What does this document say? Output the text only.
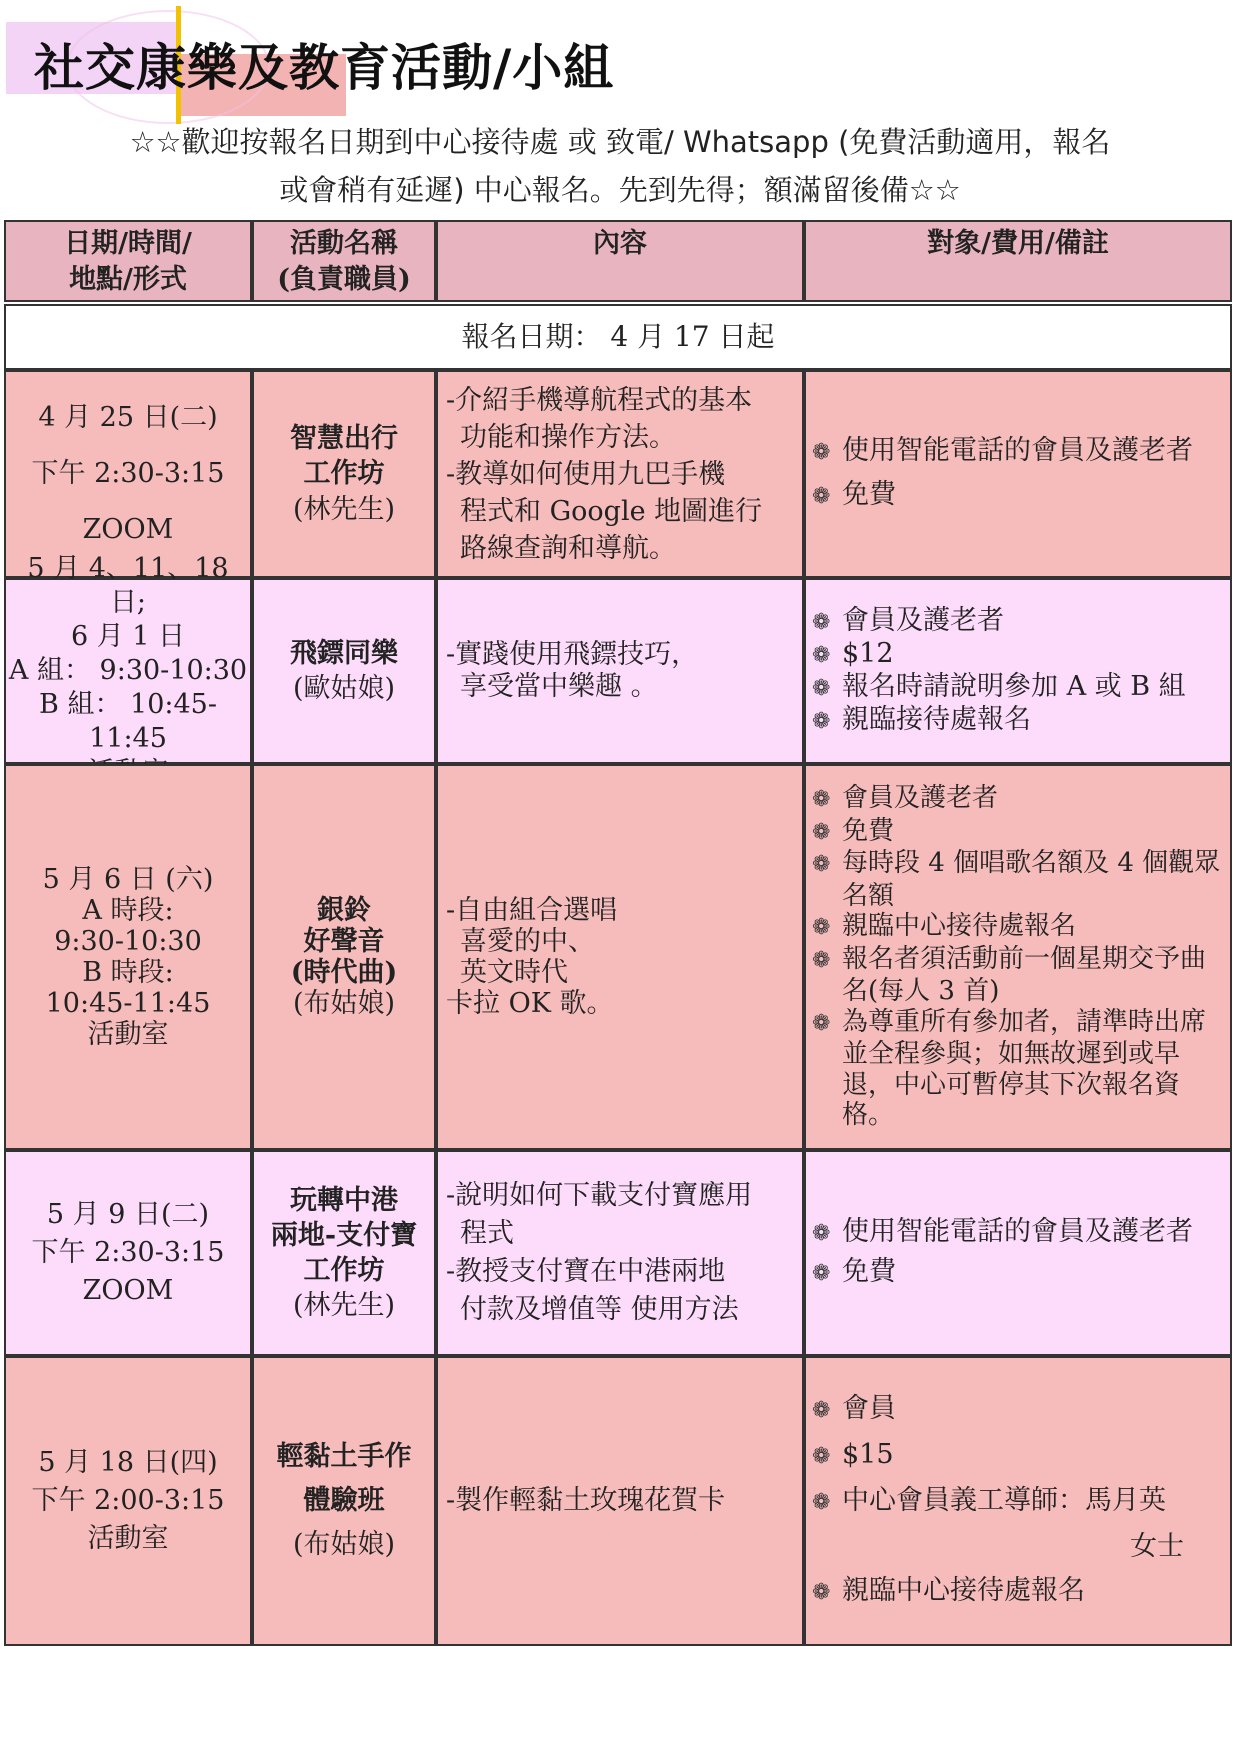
社交康樂及教育活動/小組
☆☆歡迎按報名日期到中心接待處 或 致電/ Whatsapp (免費活動適用，報名
或會稍有延遲) 中心報名。先到先得；額滿留後備☆☆
日期/時間/
地點/形式
活動名稱
(負責職員)
內容	對象/費用/備註
報名日期： 4 月 17 日起
4 月 25 日(二)
下午 2:30-3:15
ZOOM
智慧出行
工作坊
(林先生)
-介紹手機導航程式的基本
功能和操作方法。
-教導如何使用九巴手機
程式和 Google 地圖進行
路線查詢和導航。
❁ 使用智能電話的會員及護老者
❁ 免費
5 月 4、11、18 日;
6 月 1 日
A 組： 9:30-10:30
B 組： 10:45-11:45
飛鏢同樂
(歐姑娘)
-實踐使用飛鏢技巧，
享受當中樂趣 。
❁ 會員及護老者
❁ $12
❁ 報名時請說明參加 A 或 B 組
❁ 親臨接待處報名
5 月 6 日 (六)
A 時段:
9:30-10:30
B 時段:
10:45-11:45
活動室
銀鈴
好聲音
(時代曲)
(布姑娘)
-自由組合選唱
喜愛的中、
英文時代
卡拉 OK 歌。
❁ 會員及護老者
❁ 免費
❁ 每時段 4 個唱歌名額及 4 個觀眾名額
❁ 親臨中心接待處報名
❁ 報名者須活動前一個星期交予曲名(每人 3 首)
❁ 為尊重所有參加者，請準時出席並全程參與；如無故遲到或早退，中心可暫停其下次報名資格。
5 月 9 日(二)
下午 2:30-3:15
ZOOM
玩轉中港
兩地-支付寶
工作坊
(林先生)
-說明如何下載支付寶應用
程式
-教授支付寶在中港兩地
付款及增值等 使用方法
❁ 使用智能電話的會員及護老者
❁ 免費
5 月 18 日(四)
下午 2:00-3:15
活動室
輕黏土手作
體驗班
(布姑娘)
-製作輕黏土玫瑰花賀卡
❁ 會員
❁ $15
❁ 中心會員義工導師：馬月英
女士
❁ 親臨中心接待處報名
